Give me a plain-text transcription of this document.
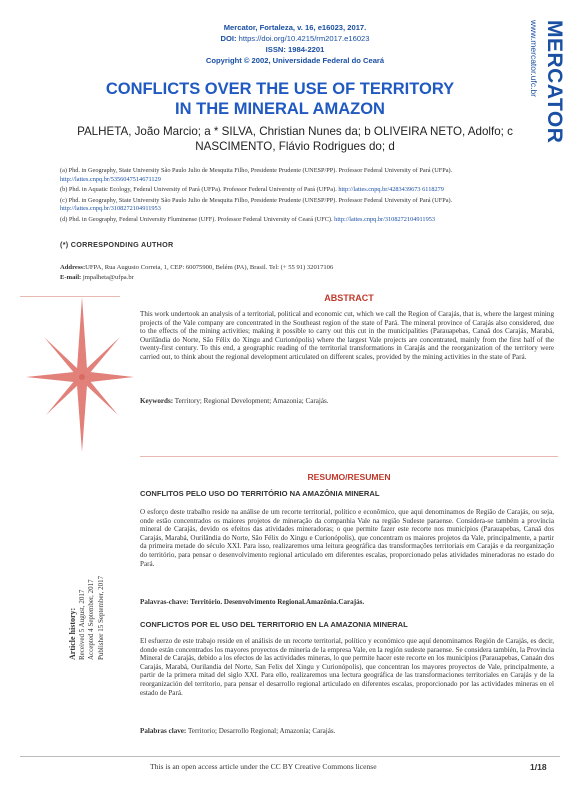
Mercator, Fortaleza, v. 16, e16023, 2017.
DOI: https://doi.org/10.4215/rm2017.e16023
ISSN: 1984-2201
Copyright © 2002, Universidade Federal do Ceará	www.mercator.ufc.br MERCATOR
CONFLICTS OVER THE USE OF TERRITORY
IN THE MINERAL AMAZON
PALHETA, João Marcio; a * SILVA, Christian Nunes da; b OLIVEIRA NETO, Adolfo; c
NASCIMENTO, Flávio Rodrigues do; d

(a) Phd. in Geography, State University São Paulo Julio de Mesquita Filho, Presidente Prudente (UNESP/PP). Professor Federal University of Pará (UFPa). http://lattes.cnpq.br/5356047514671129

(b) Phd. in Aquatic Ecology, Federal University of Pará (UFPa). Professor Federal University of Pará (UFPa). http://lattes.cnpq.br/4283439673 6118279

(c) Phd. in Geography, State University São Paulo Julio de Mesquita Filho, Presidente Prudente (UNESP/PP). Professor Federal University of Pará (UFPa). http://lattes.cnpq.br/3108272104911953

(d) Phd. in Geography, Federal University Fluminense (UFF). Professor Federal University of Ceará (UFC). http://lattes.cnpq.br/3108272104911953

(*) CORRESPONDING AUTHOR
Address:UFPA, Rua Augusto Correia, 1, CEP: 60075900, Belém (PA), Brasil. Tel: (+ 55 91) 32017106
E-mail: jmpalheta@ufpa.br
ABSTRACT
This work undertook an analysis of a territorial, political and economic cut, which we call the Region of Carajás, that is, where the largest mining projects of the Vale company are concentrated in the Southeast region of the state of Pará. The mineral province of Carajás also considered, due to the effects of the mining activities; making it possible to carry out this cut in the municipalities (Parauapebas, Canaã dos Carajás, Marabá, Ourilândia do Norte, São Félix do Xingu and Curionópolis) where the largest Vale projects are concentrated, mainly from the first half of the twenty-first century. To this end, a geographic reading of the territorial transformations in Carajás and the reorganization of the territory were carried out, to think about the regional development articulated on different scales, provided by the mining activities in the state of Pará.
Keywords: Territory; Regional Development; Amazonia; Carajás.
RESUMO/RESUMEN
CONFLITOS PELO USO DO TERRITÓRIO NA AMAZÔNIA MINERAL
O esforço deste trabalho reside na análise de um recorte territorial, político e econômico, que aqui denominamos de Região de Carajás, ou seja, onde estão concentrados os maiores projetos de mineração da companhia Vale na região Sudeste paraense. Considera-se também a província mineral de Carajás, devido os efeitos das atividades mineradoras; o que permite fazer este recorte nos municípios (Parauapebas, Canaã dos Carajás, Marabá, Ourilândia do Norte, São Félix do Xingu e Curionópolis), que concentram os maiores projetos da Vale, principalmente, a partir da primeira metade do século XXI. Para isso, realizaremos uma leitura geográfica das transformações territoriais em Carajás e da reorganização do território, para pensar o desenvolvimento regional articulado em diferentes escalas, proporcionado pelas atividades mineradoras no estado do Pará.
Palavras-chave: Território. Desenvolvimento Regional.Amazônia.Carajás.
CONFLICTOS POR EL USO DEL TERRITORIO EN LA AMAZONIA MINERAL
El esfuerzo de este trabajo reside en el análisis de un recorte territorial, político y económico que aquí denominamos Región de Carajás, es decir, donde están concentrados los mayores proyectos de minería de la empresa Vale, en la región sudeste paraense. Se considera también, la Provincia Mineral de Carajás, debido a los efectos de las actividades mineras, lo que permite hacer este recorte en los municipios (Parauapebas, Canaán dos Carajás, Marabá, Ourilandia del Norte, San Felix del Xingu y Curionópolis), que concentran los mayores proyectos de Vale, principalmente, a partir de la primera mitad del siglo XXI. Para ello, realizaremos una lectura geográfica de las transformaciones territoriales en Carajás y de la reorganización del territorio, para pensar el desarrollo regional articulado en diferentes escalas, proporcionado por las actividades mineras en el estado de Pará.
Palabras clave: Territorio; Desarrollo Regional; Amazonía; Carajás.
Article history: Received 5 August, 2017 Accepted 4 September, 2017 Publisher 15 September, 2017
This is an open access article under the CC BY Creative Commons license	1/18
